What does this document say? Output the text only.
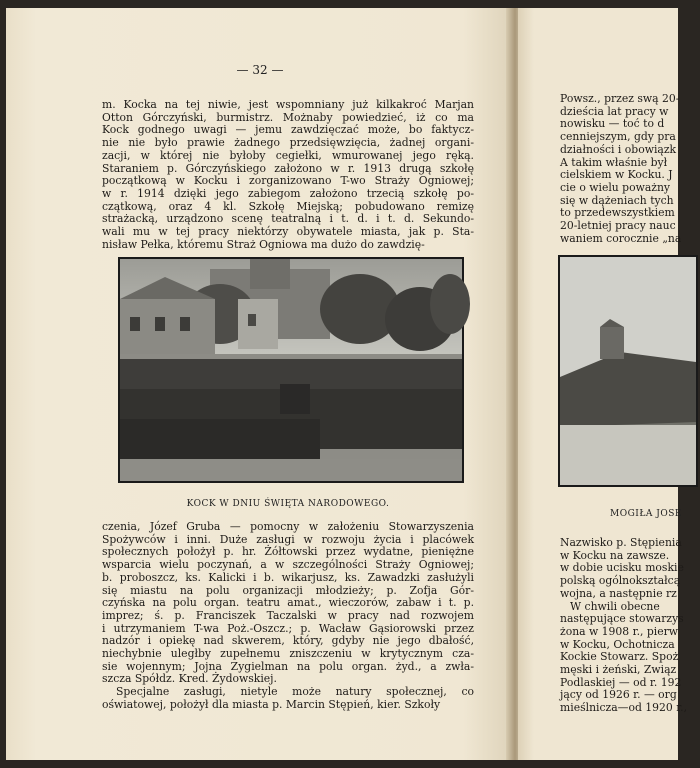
— 32 —

m. Kocka na tej niwie, jest wspomniany już kilkakroć Marjan
Otton Górczyński, burmistrz. Możnaby powiedzieć, iż co ma
Kock godnego uwagi — jemu zawdzięczać może, bo faktycz-
nie nie było prawie żadnego przedsięwzięcia, żadnej organi-
zacji, w której nie byłoby cegiełki, wmurowanej jego ręką.
Staraniem p. Górczyńskiego założono w r. 1913 drugą szkołę
początkową w Kocku i zorganizowano T-wo Straży Ogniowej;
w r. 1914 dzięki jego zabiegom założono trzecią szkołę po-
czątkową, oraz 4 kl. Szkołę Miejską; pobudowano remizę
strażacką, urządzono scenę teatralną i t. d. i t. d. Sekundo-
wali mu w tej pracy niektórzy obywatele miasta, jak p. Sta-
nisław Pełka, któremu Straż Ogniowa ma dużo do zawdzię-

KOCK W DNIU ŚWIĘTA NARODOWEGO.

czenia, Józef Gruba — pomocny w założeniu Stowarzyszenia
Spożywców i inni. Duże zasługi w rozwoju życia i placówek
społecznych położył p. hr. Żółtowski przez wydatne, pieniężne
wsparcia wielu poczynań, a w szczególności Straży Ogniowej;
b. proboszcz, ks. Kalicki i b. wikarjusz, ks. Zawadzki zasłużyli
się miastu na polu organizacji młodzieży; p. Zofja Gór-
czyńska na polu organ. teatru amat., wieczorów, zabaw i t. p.
imprez; ś. p. Franciszek Taczalski w pracy nad rozwojem
i utrzymaniem T-wa Poż.-Oszcz.; p. Wacław Gąsiorowski przez
nadzór i opiekę nad skwerem, który, gdyby nie jego dbałość,
niechybnie uległby zupełnemu zniszczeniu w krytycznym cza-
sie wojennym; Jojna Zygielman na polu organ. żyd., a zwła-
szcza Spółdz. Kred. Żydowskiej.
Specjalne zasługi, nietyle może natury społecznej, co
oświatowej, położył dla miasta p. Marcin Stępień, kier. Szkoły

Powsz., przez swą 20-
dzieścia lat pracy w
nowisku — toć to d
cenniejszym, gdy pra
działności i obowiązk
A takim właśnie był
cielskiem w Kocku. J
cie o wielu poważny
się w dążeniach tych
to przedewszystkiem
20-letniej pracy nauc
waniem corocznie „na

MOGIŁA JOSE

Nazwisko p. Stępienia
w Kocku na zawsze.
w dobie ucisku moskie
polską ogólnokształcą
wojna, a następnie rz
W chwili obecne
następujące stowarzys
żona w 1908 r., pierw
w Kocku, Ochotnicza
Kockie Stowarz. Spoż
męski i żeński, Związ
Podlaskiej — od r. 192
jący od 1926 r. — org
mieślnicza—od 1920 r.,
